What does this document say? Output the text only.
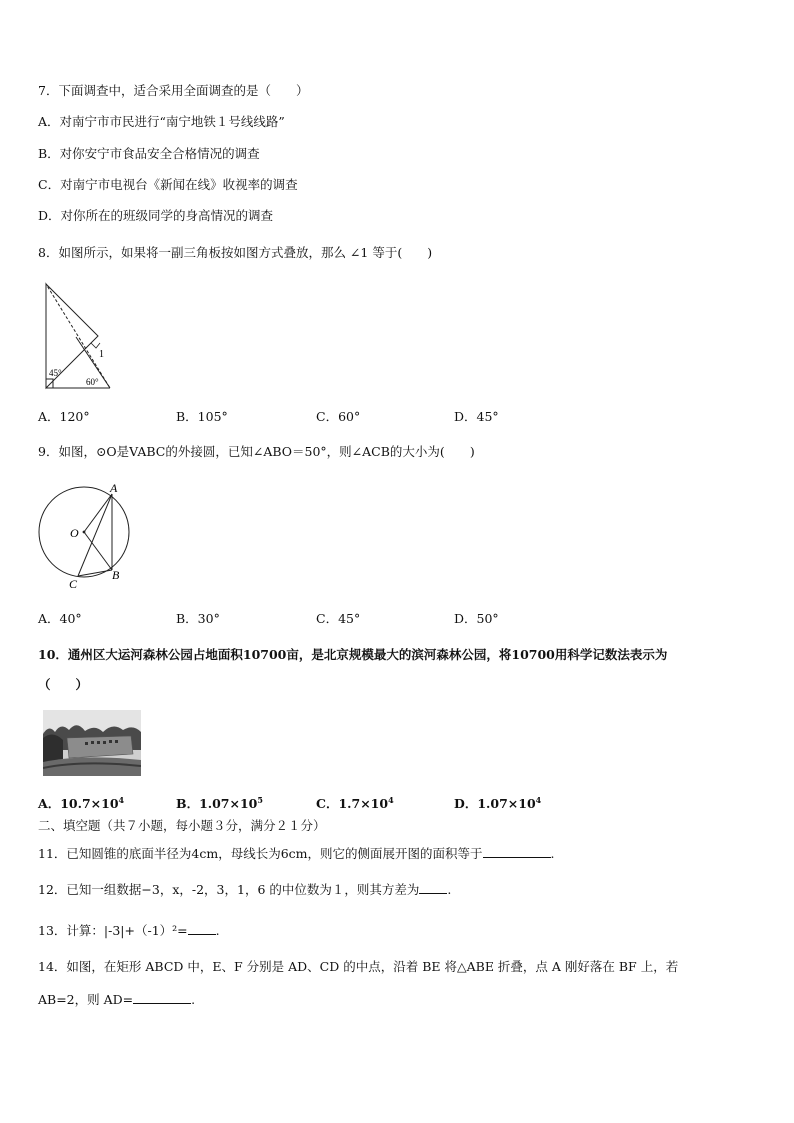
7．下面调查中，适合采用全面调查的是（　　）
A．对南宁市市民进行“南宁地铁１号线线路”
B．对你安宁市食品安全合格情况的调查
C．对南宁市电视台《新闻在线》收视率的调查
D．对你所在的班级同学的身高情况的调查
8．如图所示，如果将一副三角板按如图方式叠放，那么 ∠1 等于(　　)
45°
60°
1
A．120°	B．105°	C．60°	D．45°
9．如图，⊙O是VABC的外接圆，已知∠ABO＝50°，则∠ACB的大小为(　　)
A
B
C
O
A．40°	B．30°	C．45°	D．50°
10．通州区大运河森林公园占地面积10700亩，是北京规模最大的滨河森林公园，将10700用科学记数法表示为
（　　）
A．$10.7\times 10^4$	B．$1.07\times 10^5$	C．$1.7\times 10^4$	D．$1.07\times 10^4$
二、填空题（共７小题，每小题３分，满分２１分）
11．已知圆锥的底面半径为4cm，母线长为6cm，则它的侧面展开图的面积等于	.
12．已知一组数据−3，x，-2，3，1，6 的中位数为１，则其方差为 .
13．计算：|-3|+（-1）²= .
14．如图，在矩形 ABCD 中，E、F 分别是 AD、CD 的中点，沿着 BE 将△ABE 折叠，点 A 刚好落在 BF 上，若
AB=2，则 AD=	.
